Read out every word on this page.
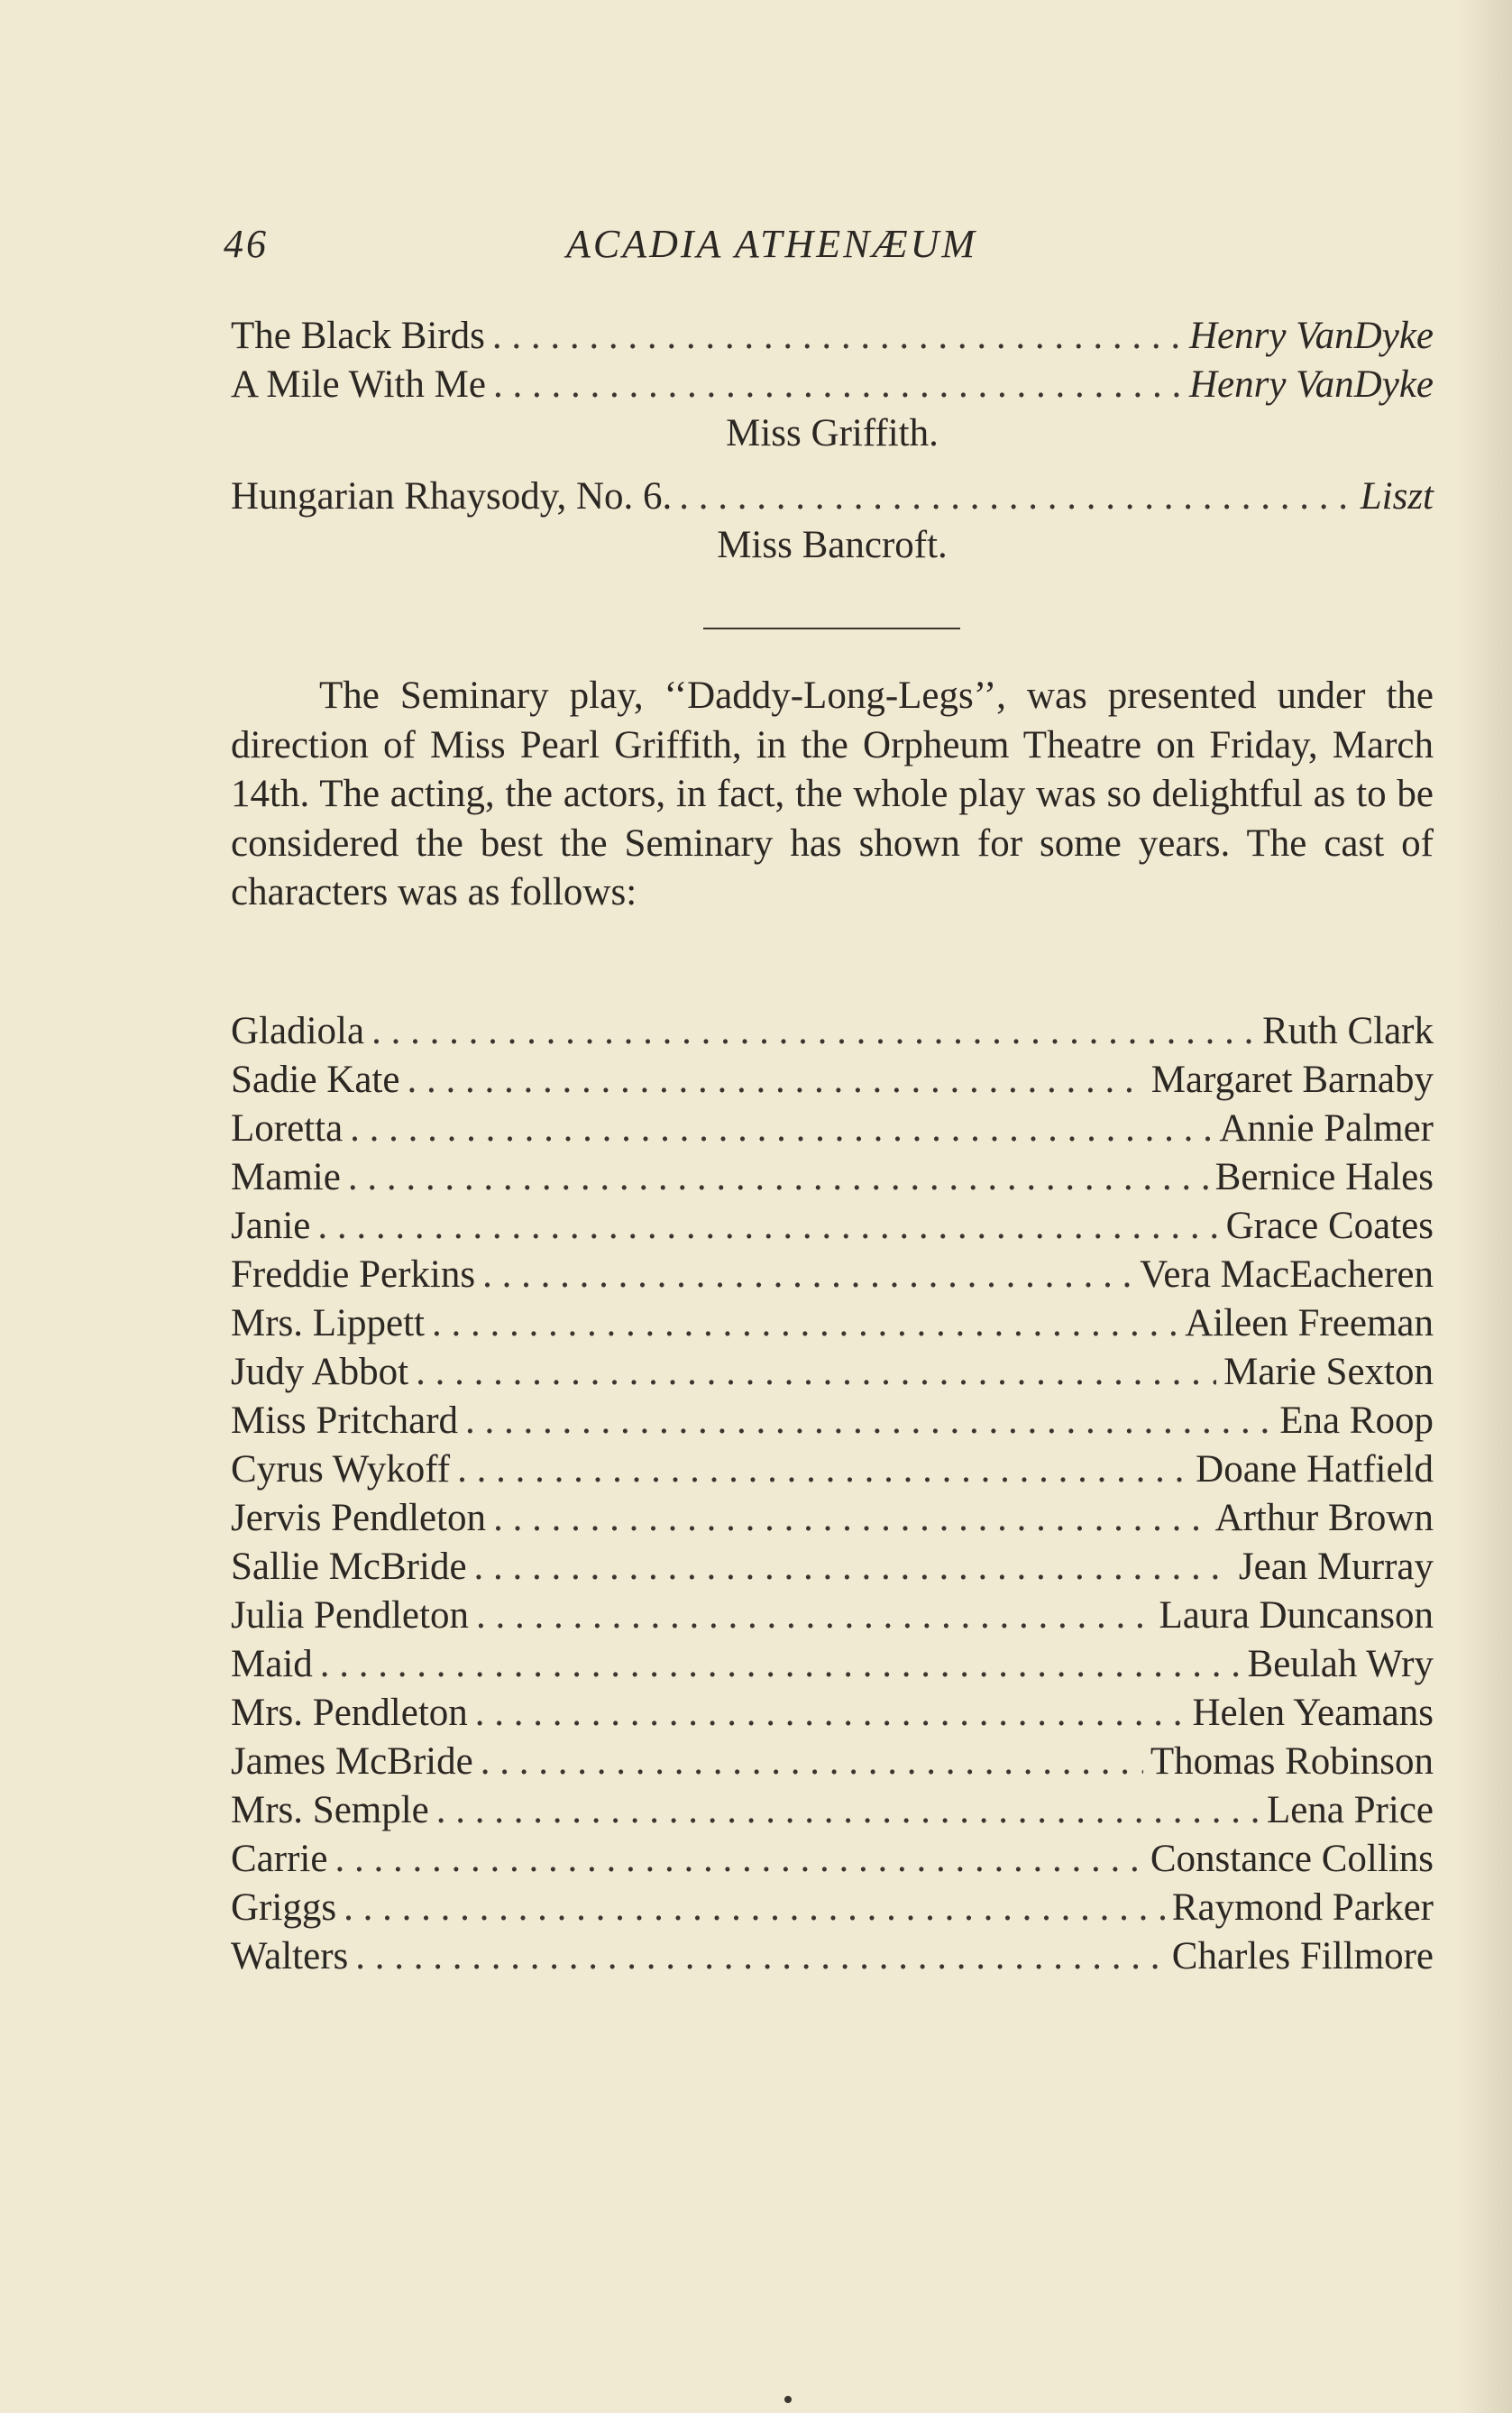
46	ACADIA ATHENÆUM
The Black Birds . . .	Henry VanDyke
A Mile With Me . . .	Henry VanDyke
Miss Griffith.
Hungarian Rhaysody, No. 6. . . .	Liszt
Miss Bancroft.

The Seminary play, ‘‘Daddy-Long-Legs’’, was presented under the direction of Miss Pearl Griffith, in the Orpheum Theatre on Friday, March 14th. The acting, the actors, in fact, the whole play was so delightful as to be considered the best the Seminary has shown for some years. The cast of characters was as follows:

Gladiola . . .	Ruth Clark
Sadie Kate . . .	Margaret Barnaby
Loretta . . .	Annie Palmer
Mamie . . .	Bernice Hales
Janie . . .	Grace Coates
Freddie Perkins . . .	Vera MacEacheren
Mrs. Lippett . . .	Aileen Freeman
Judy Abbot . . .	Marie Sexton
Miss Pritchard . . .	Ena Roop
Cyrus Wykoff . . .	Doane Hatfield
Jervis Pendleton . . .	Arthur Brown
Sallie McBride . . .	Jean Murray
Julia Pendleton . . .	Laura Duncanson
Maid . . .	Beulah Wry
Mrs. Pendleton . . .	Helen Yeamans
James McBride . . .	Thomas Robinson
Mrs. Semple . . .	Lena Price
Carrie . . .	Constance Collins
Griggs . . .	Raymond Parker
Walters . . .	Charles Fillmore
